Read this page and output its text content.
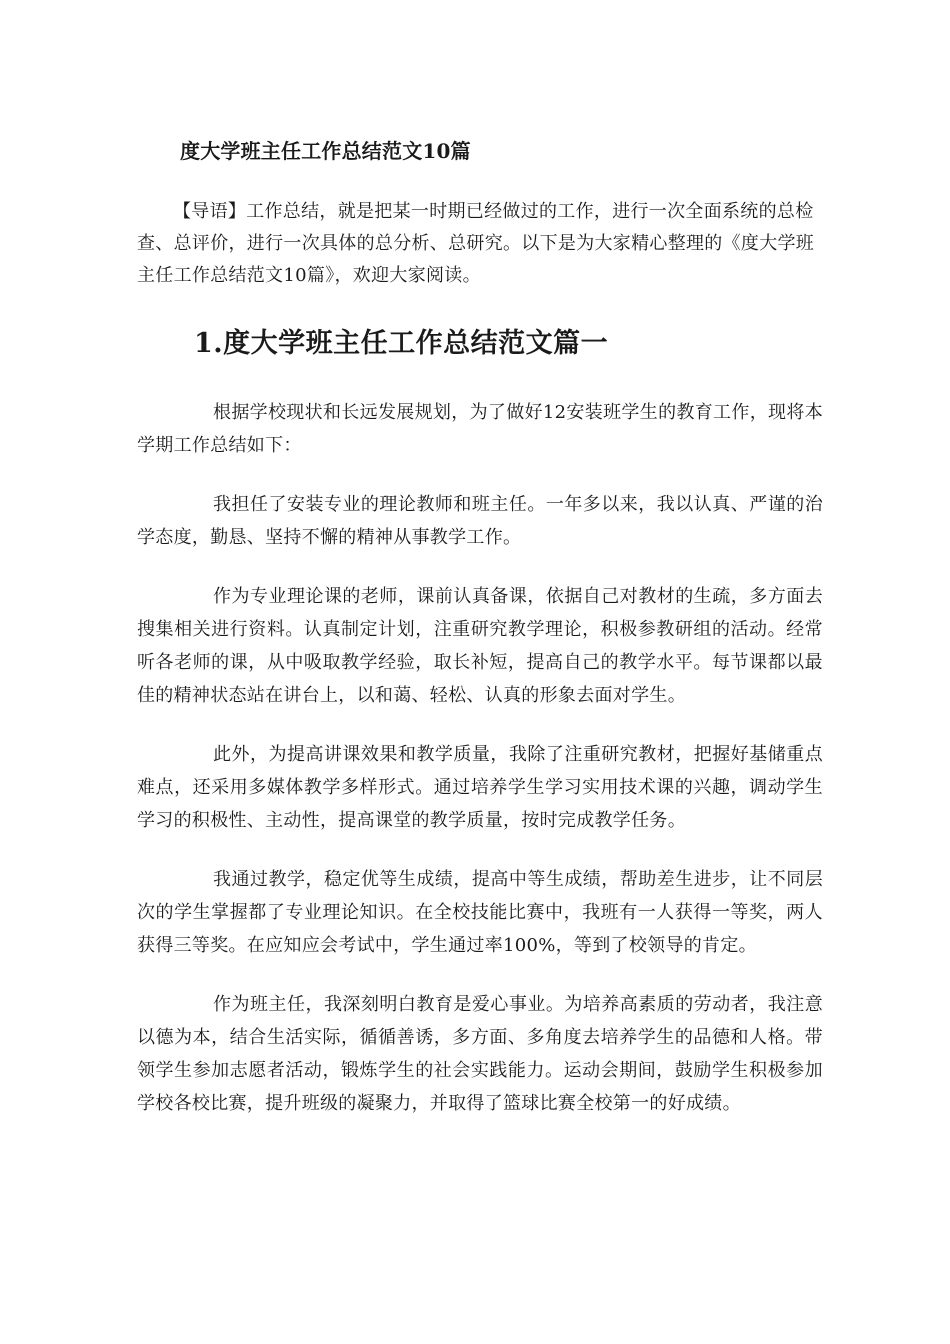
度大学班主任工作总结范文10篇

【导语】工作总结，就是把某一时期已经做过的工作，进行一次全面系统的总检查、总评价，进行一次具体的总分析、总研究。以下是为大家精心整理的《度大学班主任工作总结范文10篇》，欢迎大家阅读。

1.度大学班主任工作总结范文篇一

根据学校现状和长远发展规划，为了做好12安装班学生的教育工作，现将本学期工作总结如下：

我担任了安装专业的理论教师和班主任。一年多以来，我以认真、严谨的治学态度，勤恳、坚持不懈的精神从事教学工作。

作为专业理论课的老师，课前认真备课，依据自己对教材的生疏，多方面去搜集相关进行资料。认真制定计划，注重研究教学理论，积极参教研组的活动。经常听各老师的课，从中吸取教学经验，取长补短，提高自己的教学水平。每节课都以最佳的精神状态站在讲台上，以和蔼、轻松、认真的形象去面对学生。

此外，为提高讲课效果和教学质量，我除了注重研究教材，把握好基储重点难点，还采用多媒体教学多样形式。通过培养学生学习实用技术课的兴趣，调动学生学习的积极性、主动性，提高课堂的教学质量，按时完成教学任务。

我通过教学，稳定优等生成绩，提高中等生成绩，帮助差生进步，让不同层次的学生掌握都了专业理论知识。在全校技能比赛中，我班有一人获得一等奖，两人获得三等奖。在应知应会考试中，学生通过率100%，等到了校领导的肯定。

作为班主任，我深刻明白教育是爱心事业。为培养高素质的劳动者，我注意以德为本，结合生活实际，循循善诱，多方面、多角度去培养学生的品德和人格。带领学生参加志愿者活动，锻炼学生的社会实践能力。运动会期间，鼓励学生积极参加学校各校比赛，提升班级的凝聚力，并取得了篮球比赛全校第一的好成绩。
